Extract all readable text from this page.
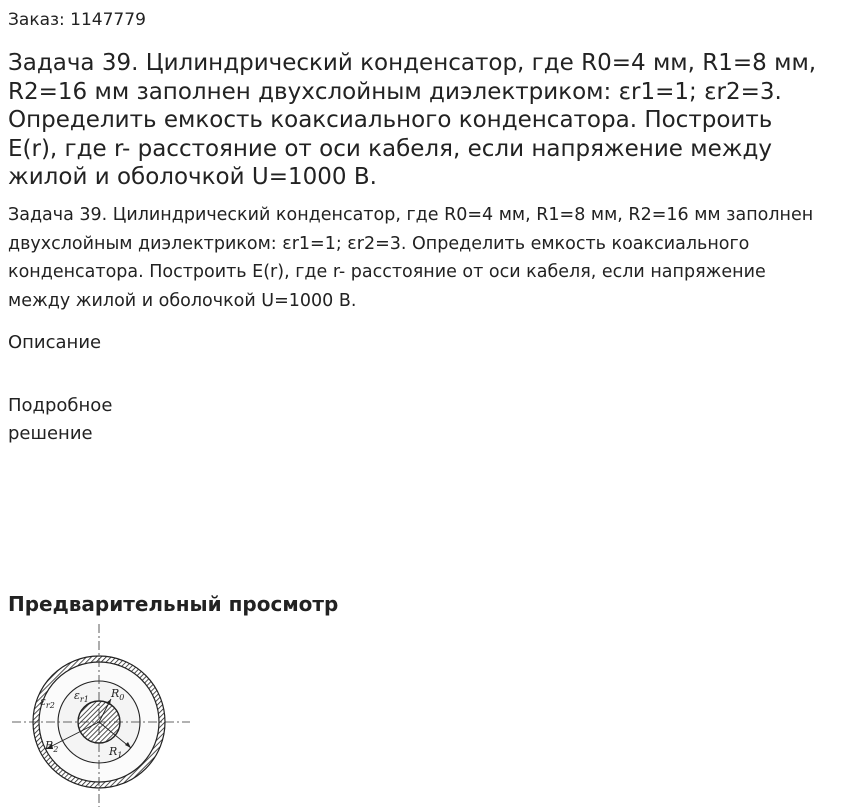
Заказ: 1147779
Задача 39. Цилиндрический конденсатор, где R0=4 мм, R1=8 мм, R2=16 мм заполнен двухслойным диэлектриком: εr1=1; εr2=3. Определить емкость коаксиального конденсатора. Построить E(r), где r- расстояние от оси кабеля, если напряжение между жилой и оболочкой U=1000 В.

Задача 39. Цилиндрический конденсатор, где R0=4 мм, R1=8 мм, R2=16 мм заполнен двухслойным диэлектриком: εr1=1; εr2=3. Определить емкость коаксиального конденсатора. Построить E(r), где r- расстояние от оси кабеля, если напряжение между жилой и оболочкой U=1000 В.

Описание
Подробное решение
Предварительный просмотр
$\varepsilon_{r2}$
$\varepsilon_{r1}$ $R_0$
$R_2$	$R_1$
